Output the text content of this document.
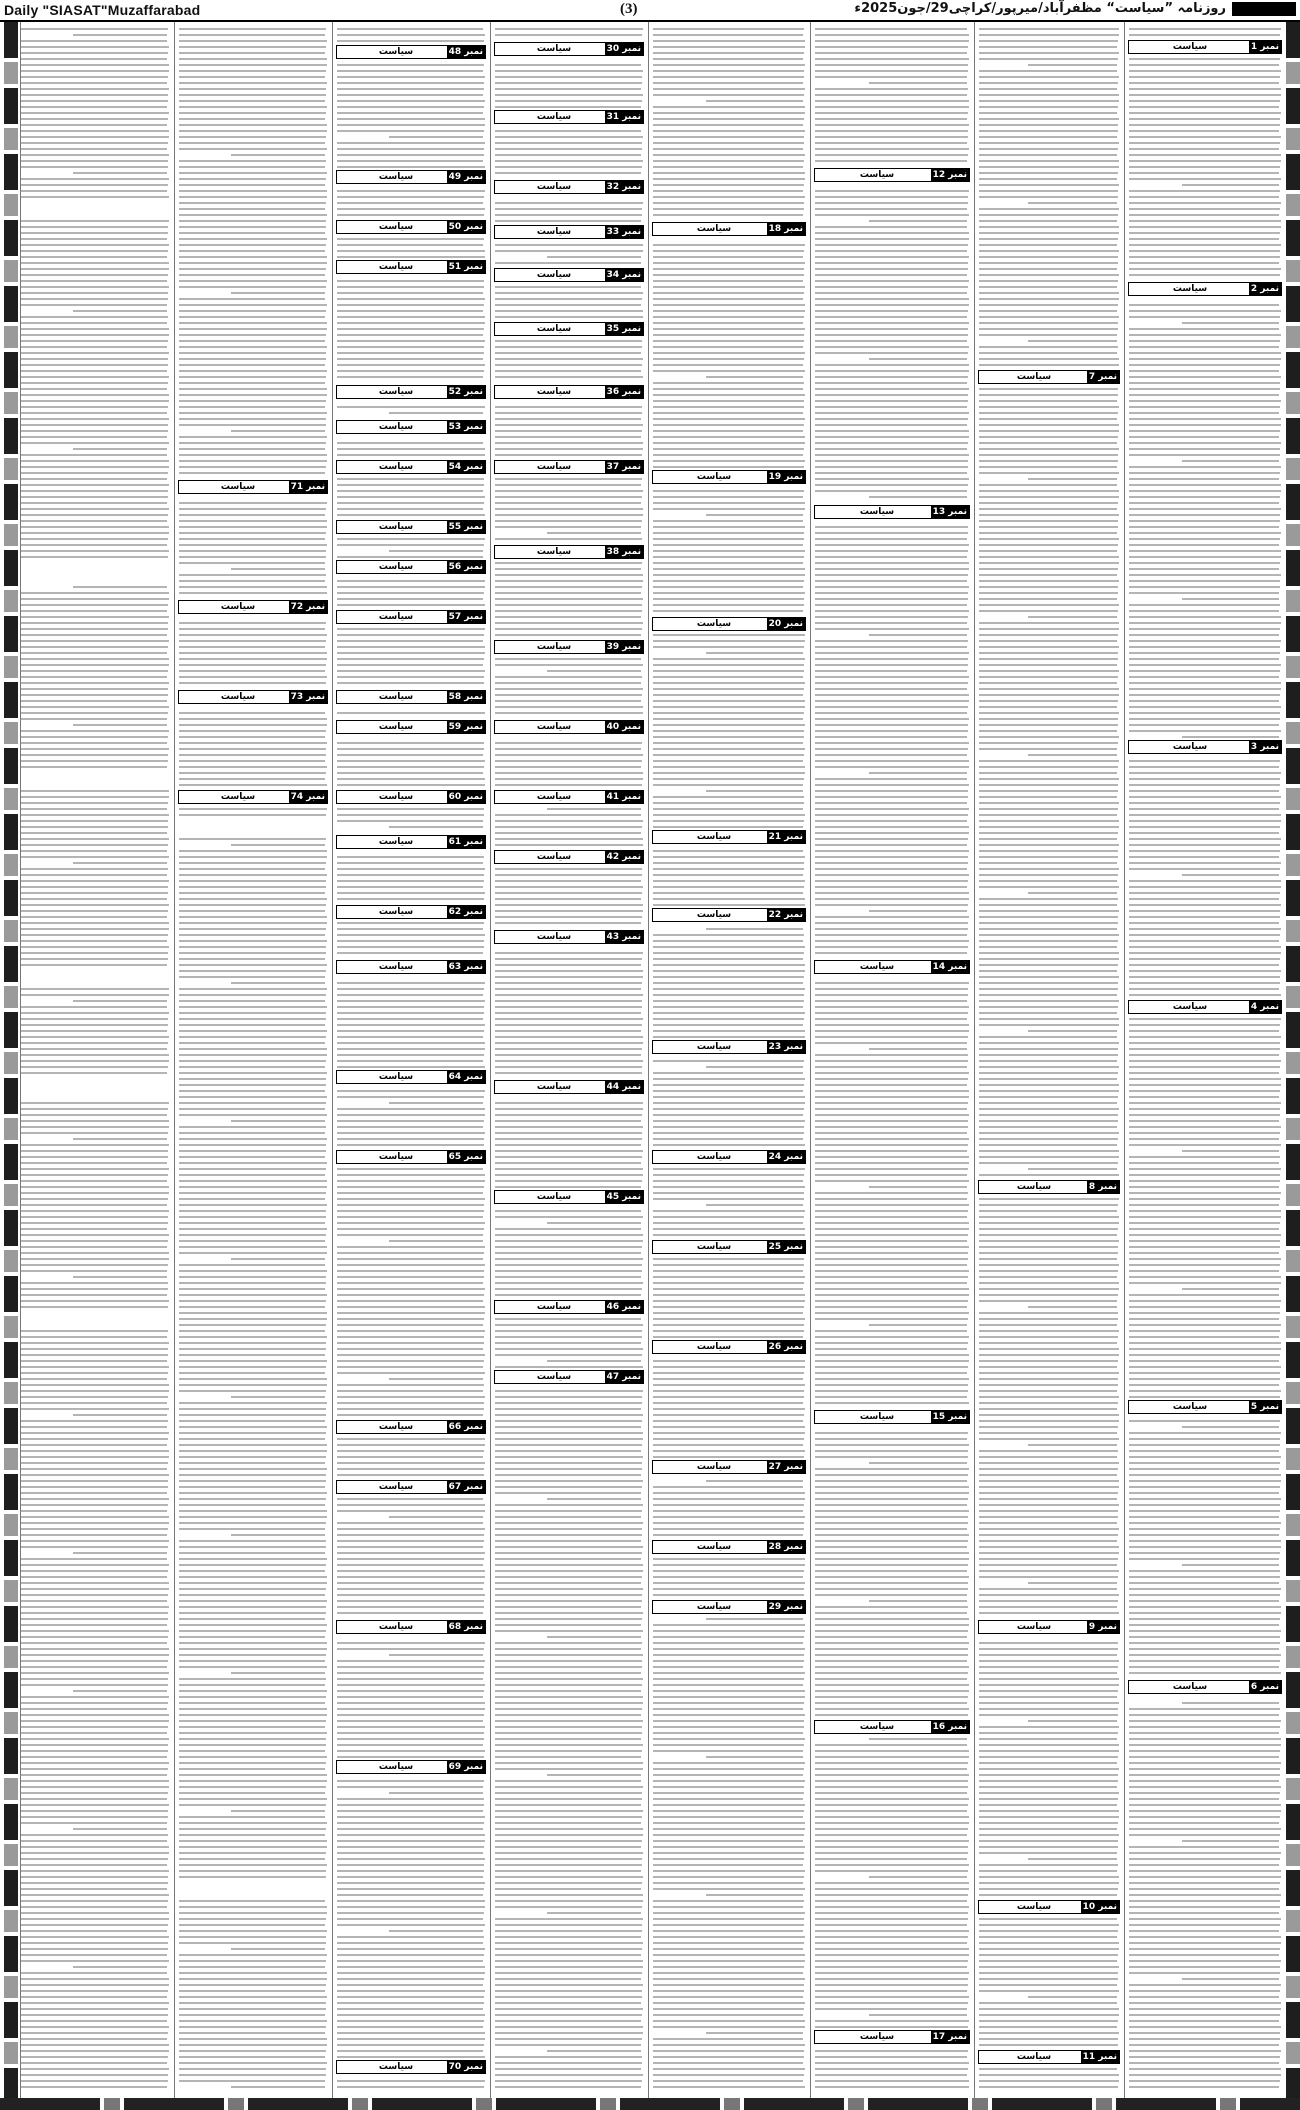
Daily "SIASAT"Muzaffarabad	(3)	روزنامہ ”سیاست“ مظفرآباد/میرپور/کراچی29/جون2025ء
سیاست	نمبر 1
سیاست	نمبر 2
سیاست	نمبر 3
سیاست	نمبر 4
سیاست	نمبر 5
سیاست	نمبر 6
سیاست	نمبر 7
سیاست	نمبر 8
سیاست	نمبر 9
سیاست	نمبر 10
سیاست	نمبر 11
سیاست	نمبر 12
سیاست	نمبر 13
سیاست	نمبر 14
سیاست	نمبر 15
سیاست	نمبر 16
سیاست	نمبر 17
سیاست	نمبر 18
سیاست	نمبر 19
سیاست	نمبر 20
سیاست	نمبر 21
سیاست	نمبر 22
سیاست	نمبر 23
سیاست	نمبر 24
سیاست	نمبر 25
سیاست	نمبر 26
سیاست	نمبر 27
سیاست	نمبر 28
سیاست	نمبر 29
سیاست	نمبر 30
سیاست	نمبر 31
سیاست	نمبر 32
سیاست	نمبر 33
سیاست	نمبر 34
سیاست	نمبر 35
سیاست	نمبر 36
سیاست	نمبر 37
سیاست	نمبر 38
سیاست	نمبر 39
سیاست	نمبر 40
سیاست	نمبر 41
سیاست	نمبر 42
سیاست	نمبر 43
سیاست	نمبر 44
سیاست	نمبر 45
سیاست	نمبر 46
سیاست	نمبر 47
سیاست	نمبر 48
سیاست	نمبر 49
سیاست	نمبر 50
سیاست	نمبر 51
سیاست	نمبر 52
سیاست	نمبر 53
سیاست	نمبر 54
سیاست	نمبر 55
سیاست	نمبر 56
سیاست	نمبر 57
سیاست	نمبر 58
سیاست	نمبر 59
سیاست	نمبر 60
سیاست	نمبر 61
سیاست	نمبر 62
سیاست	نمبر 63
سیاست	نمبر 64
سیاست	نمبر 65
سیاست	نمبر 66
سیاست	نمبر 67
سیاست	نمبر 68
سیاست	نمبر 69
سیاست	نمبر 70
سیاست	نمبر 71
سیاست	نمبر 72
سیاست	نمبر 73
سیاست	نمبر 74
